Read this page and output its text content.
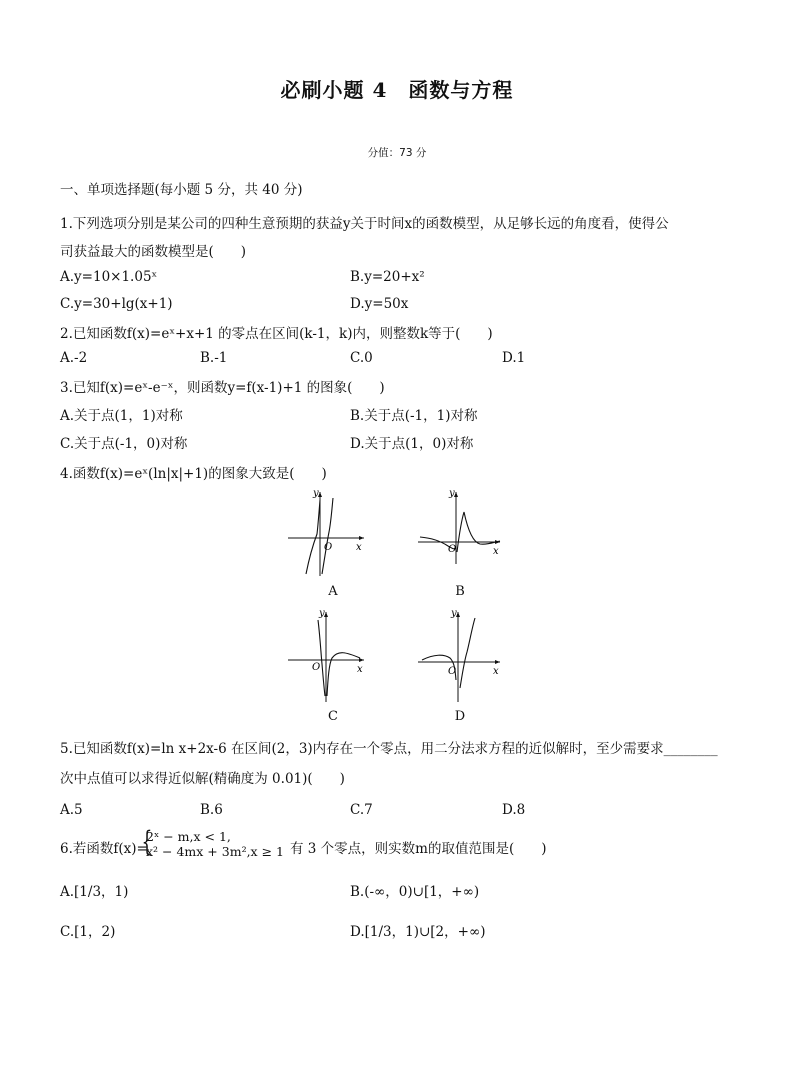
必刷小题 4　函数与方程
分值：73 分
一、单项选择题(每小题 5 分，共 40 分)
1.下列选项分别是某公司的四种生意预期的获益y关于时间x的函数模型，从足够长远的角度看，使得公
司获益最大的函数模型是(　　)
A.y=10×1.05ˣ	B.y=20+x²
C.y=30+lg(x+1)	D.y=50x
2.已知函数f(x)=eˣ+x+1 的零点在区间(k-1，k)内，则整数k等于(　　)
A.-2	B.-1	C.0	D.1
3.已知f(x)=eˣ-e⁻ˣ，则函数y=f(x-1)+1 的图象(　　)
A.关于点(1，1)对称	B.关于点(-1，1)对称
C.关于点(-1，0)对称	D.关于点(1，0)对称
4.函数f(x)=eˣ(ln|x|+1)的图象大致是(　　)
y
x
O
A
y
x
O
B
y
x
O
C
y
x
O
D
5.已知函数f(x)=ln x+2x-6 在区间(2，3)内存在一个零点，用二分法求方程的近似解时，至少需要求________
次中点值可以求得近似解(精确度为 0.01)(　　)
A.5	B.6	C.7	D.8
6.若函数f(x)=
{
2ˣ − m,x < 1,
x² − 4mx + 3m²,x ≥ 1 有 3 个零点，则实数m的取值范围是(　　)
A.[1/3，1)	B.(-∞，0)∪[1，+∞)
C.[1，2)	D.[1/3，1)∪[2，+∞)
